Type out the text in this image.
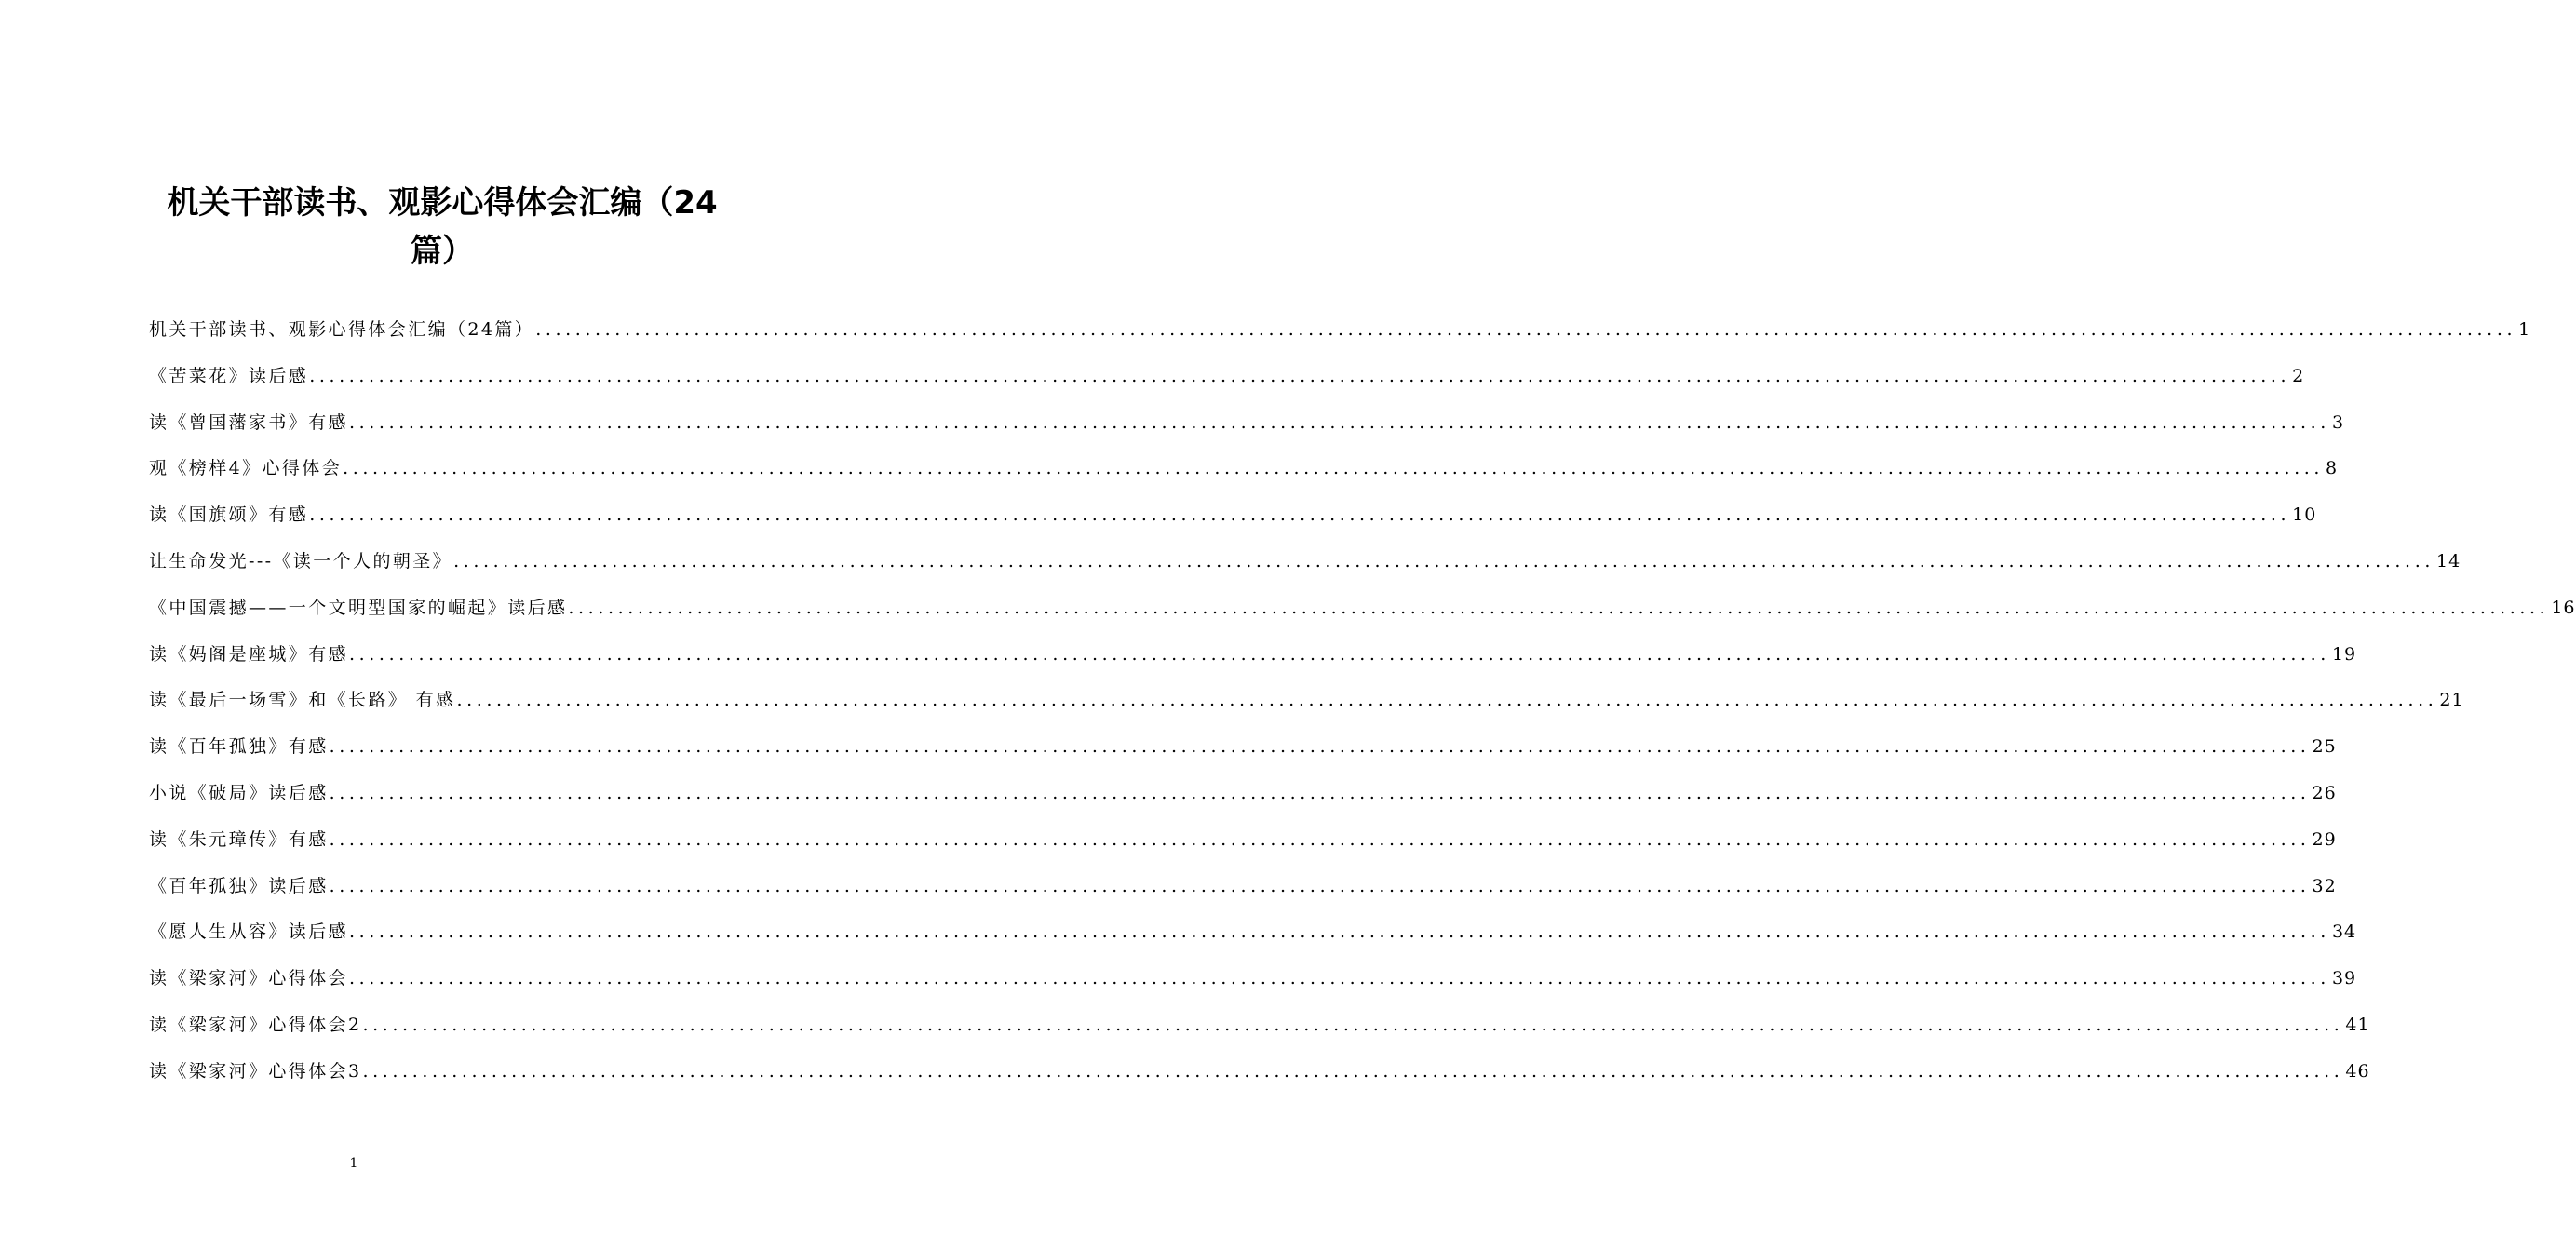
机关干部读书、观影心得体会汇编（24
篇）
机关干部读书、观影心得体会汇编（24篇） ........................................................................................................................................................................................................ 1
《苦菜花》读后感 ........................................................................................................................................................................................................ 2
读《曾国藩家书》有感 ........................................................................................................................................................................................................ 3
观《榜样4》心得体会 ........................................................................................................................................................................................................ 8
读《国旗颂》有感 ........................................................................................................................................................................................................ 10
让生命发光---《读一个人的朝圣》 ........................................................................................................................................................................................................ 14
《中国震撼——一个文明型国家的崛起》读后感 ........................................................................................................................................................................................................ 16
读《妈阁是座城》有感 ........................................................................................................................................................................................................ 19
读《最后一场雪》和《长路》 有感 ........................................................................................................................................................................................................ 21
读《百年孤独》有感 ........................................................................................................................................................................................................ 25
小说《破局》读后感 ........................................................................................................................................................................................................ 26
读《朱元璋传》有感 ........................................................................................................................................................................................................ 29
《百年孤独》读后感 ........................................................................................................................................................................................................ 32
《愿人生从容》读后感 ........................................................................................................................................................................................................ 34
读《梁家河》心得体会 ........................................................................................................................................................................................................ 39
读《梁家河》心得体会2 ........................................................................................................................................................................................................ 41
读《梁家河》心得体会3 ........................................................................................................................................................................................................ 46
1
